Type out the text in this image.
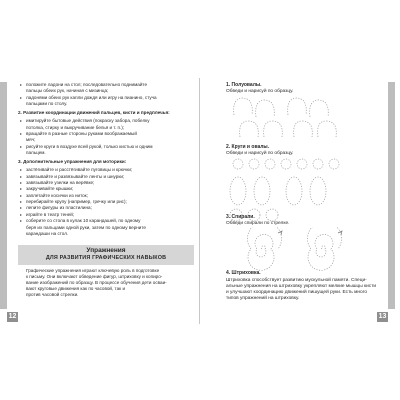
12	13
▸ положите ладони на стол; последовательно поднимайте
пальцы обеих рук, начиная с мизинца;
▸ ладонями обеих рук капли дождя или игру на пианино, стуча
пальцами по столу.
2. Развитие координации движений пальцев, кисти и предплечья:
▸ имитируйте бытовые действия (покраску забора, побелку
потолка, стирку и выкручивание белья и т. п.);
▸ вращайте в разные стороны руками воображаемый
мяч;
▸ рисуйте круги в воздухе всей рукой, только кистью и одним
пальцем.
3. Дополнительные упражнения для моторики:
▸ застёгивайте и расстёгивайте пуговицы и крючки;
▸ завязывайте и развязывайте ленты и шнурки;
▸ завязывайте узелки на верёвке;
▸ закручивайте крышки;
▸ заплетайте косички из ниток;
▸ перебирайте крупу (например, гречку или рис);
▸ лепите фигуры из пластилина;
▸ играйте в театр теней;
▸ соберите со стола в кулак 10 карандашей, по одному
беря их пальцами одной руки, затем по одному верните
карандаши на стол.
Упражнения
ДЛЯ РАЗВИТИЯ ГРАФИЧЕСКИХ НАВЫКОВ
Графические упражнения играют ключевую роль в подготовке
к письму. Они включают обведение фигур, штриховку и копиро-
вание изображений по образцу. В процессе обучения дети осваи-
вают круговые движения как по часовой, так и
против часовой стрелки.
1. Полуовалы.
Обведи и нарисуй по образцу.
2. Круги и овалы.
Обведи и нарисуй по образцу.
3. Спирали.
Обведи спирали по стрелке.
4. Штриховка.
Штриховка способствует развитию мускульной памяти. Специ-
альные упражнения на штриховку укрепляют мелкие мышцы кисти
и улучшают координацию движений пишущей руки. Есть много
типов упражнений на штриховку.
